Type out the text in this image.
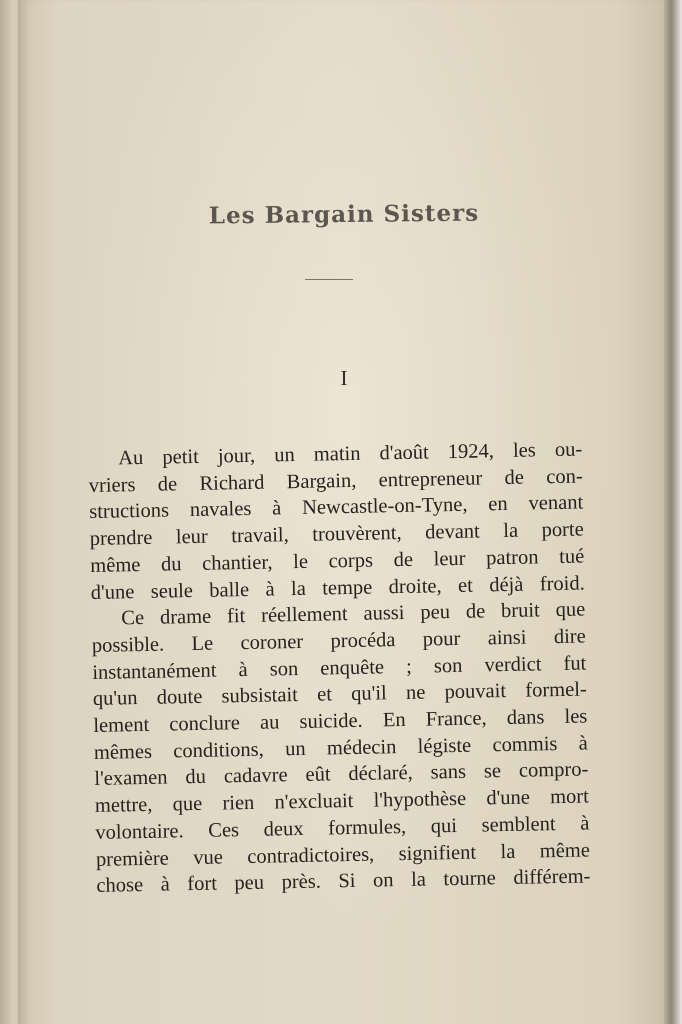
Les Bargain Sisters
I
Au petit jour, un matin d'août 1924, les ou-
vriers de Richard Bargain, entrepreneur de con-
structions navales à Newcastle-on-Tyne, en venant
prendre leur travail, trouvèrent, devant la porte
même du chantier, le corps de leur patron tué
d'une seule balle à la tempe droite, et déjà froid.
Ce drame fit réellement aussi peu de bruit que
possible. Le coroner procéda pour ainsi dire
instantanément à son enquête ; son verdict fut
qu'un doute subsistait et qu'il ne pouvait formel-
lement conclure au suicide. En France, dans les
mêmes conditions, un médecin légiste commis à
l'examen du cadavre eût déclaré, sans se compro-
mettre, que rien n'excluait l'hypothèse d'une mort
volontaire. Ces deux formules, qui semblent à
première vue contradictoires, signifient la même
chose à fort peu près. Si on la tourne différem-
